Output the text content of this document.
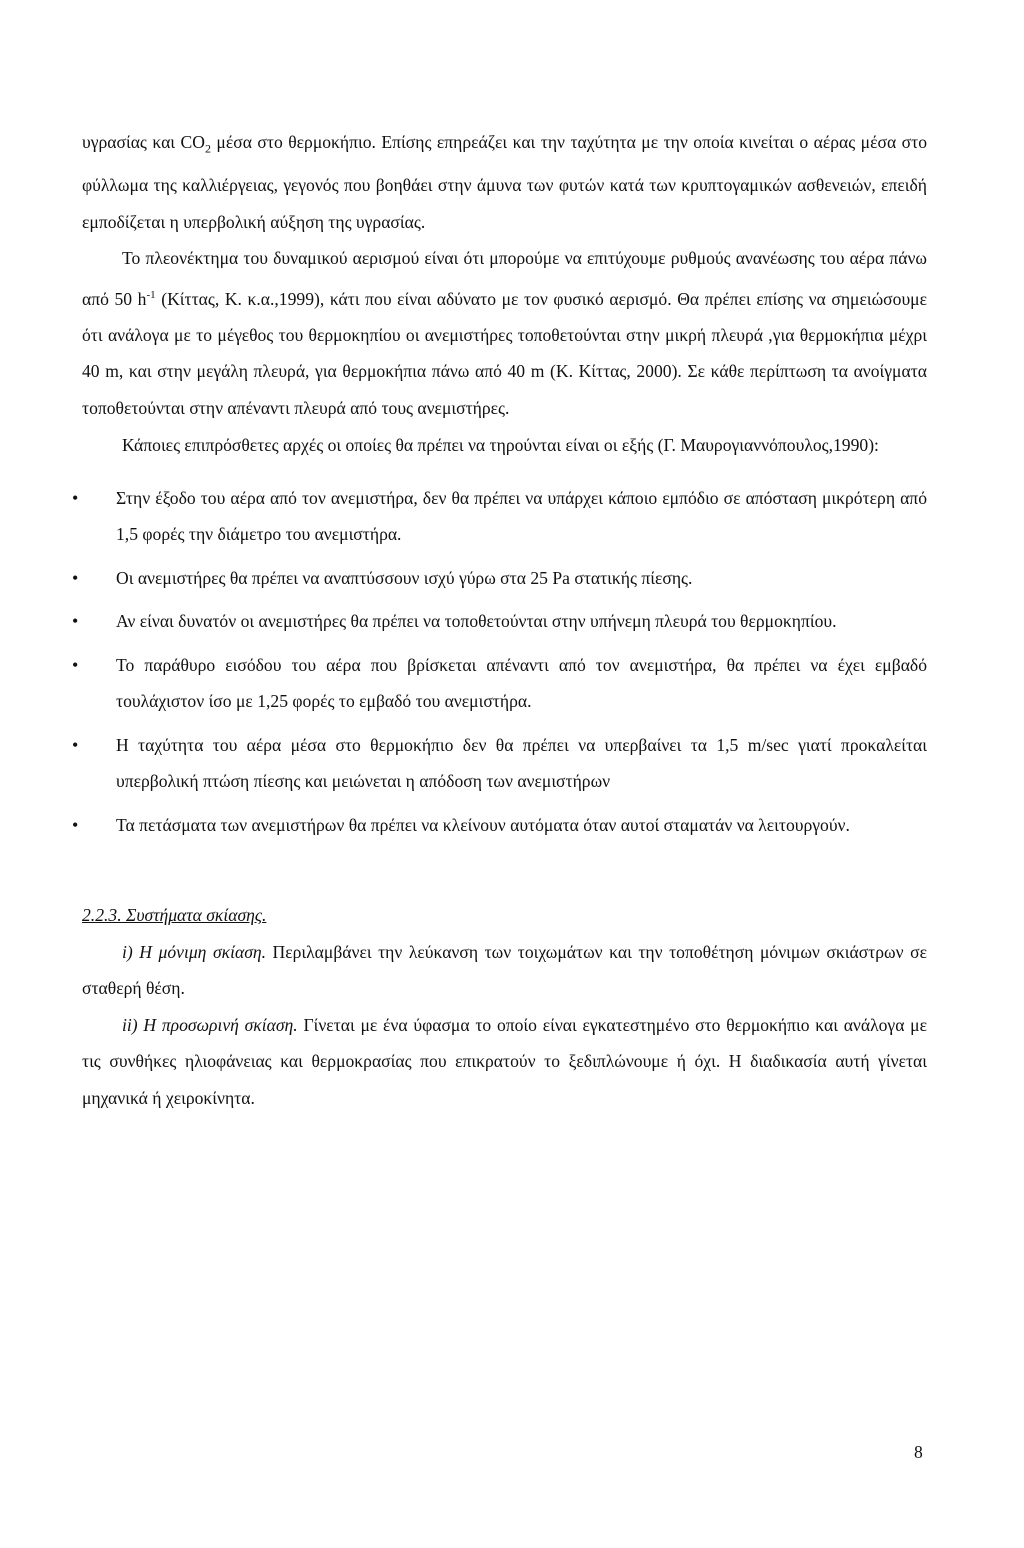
υγρασίας και $CO_2$ μέσα στο θερμοκήπιο. Επίσης επηρεάζει και την ταχύτητα με την οποία κινείται ο αέρας μέσα στο φύλλωμα της καλλιέργειας, γεγονός που βοηθάει στην άμυνα των φυτών κατά των κρυπτογαμικών ασθενειών, επειδή εμποδίζεται η υπερβολική αύξηση της υγρασίας.

Το πλεονέκτημα του δυναμικού αερισμού είναι ότι μπορούμε να επιτύχουμε ρυθμούς ανανέωσης του αέρα πάνω από 50 $h^{-1}$ (Κίττας, Κ. κ.α.,1999), κάτι που είναι αδύνατο με τον φυσικό αερισμό. Θα πρέπει επίσης να σημειώσουμε ότι ανάλογα με το μέγεθος του θερμοκηπίου οι ανεμιστήρες τοποθετούνται στην μικρή πλευρά ,για θερμοκήπια μέχρι 40 m, και στην μεγάλη πλευρά, για θερμοκήπια πάνω από 40 m (Κ. Κίττας, 2000). Σε κάθε περίπτωση τα ανοίγματα τοποθετούνται στην απέναντι πλευρά από τους ανεμιστήρες.

Κάποιες επιπρόσθετες αρχές οι οποίες θα πρέπει να τηρούνται είναι οι εξής (Γ. Μαυρογιαννόπουλος,1990):

• Στην έξοδο του αέρα από τον ανεμιστήρα, δεν θα πρέπει να υπάρχει κάποιο εμπόδιο σε απόσταση μικρότερη από 1,5 φορές την διάμετρο του ανεμιστήρα.
• Οι ανεμιστήρες θα πρέπει να αναπτύσσουν ισχύ γύρω στα 25 Pa στατικής πίεσης.
• Αν είναι δυνατόν οι ανεμιστήρες θα πρέπει να τοποθετούνται στην υπήνεμη πλευρά του θερμοκηπίου.
• Το παράθυρο εισόδου του αέρα που βρίσκεται απέναντι από τον ανεμιστήρα, θα πρέπει να έχει εμβαδό τουλάχιστον ίσο με 1,25 φορές το εμβαδό του ανεμιστήρα.
• Η ταχύτητα του αέρα μέσα στο θερμοκήπιο δεν θα πρέπει να υπερβαίνει τα 1,5 m/sec γιατί προκαλείται υπερβολική πτώση πίεσης και μειώνεται η απόδοση των ανεμιστήρων
• Τα πετάσματα των ανεμιστήρων θα πρέπει να κλείνουν αυτόματα όταν αυτοί σταματάν να λειτουργούν.

2.2.3. Συστήματα σκίασης.

i) Η μόνιμη σκίαση. Περιλαμβάνει την λεύκανση των τοιχωμάτων και την τοποθέτηση μόνιμων σκιάστρων σε σταθερή θέση.

ii) Η προσωρινή σκίαση. Γίνεται με ένα ύφασμα το οποίο είναι εγκατεστημένο στο θερμοκήπιο και ανάλογα με τις συνθήκες ηλιοφάνειας και θερμοκρασίας που επικρατούν το ξεδιπλώνουμε ή όχι. Η διαδικασία αυτή γίνεται μηχανικά ή χειροκίνητα.

8
